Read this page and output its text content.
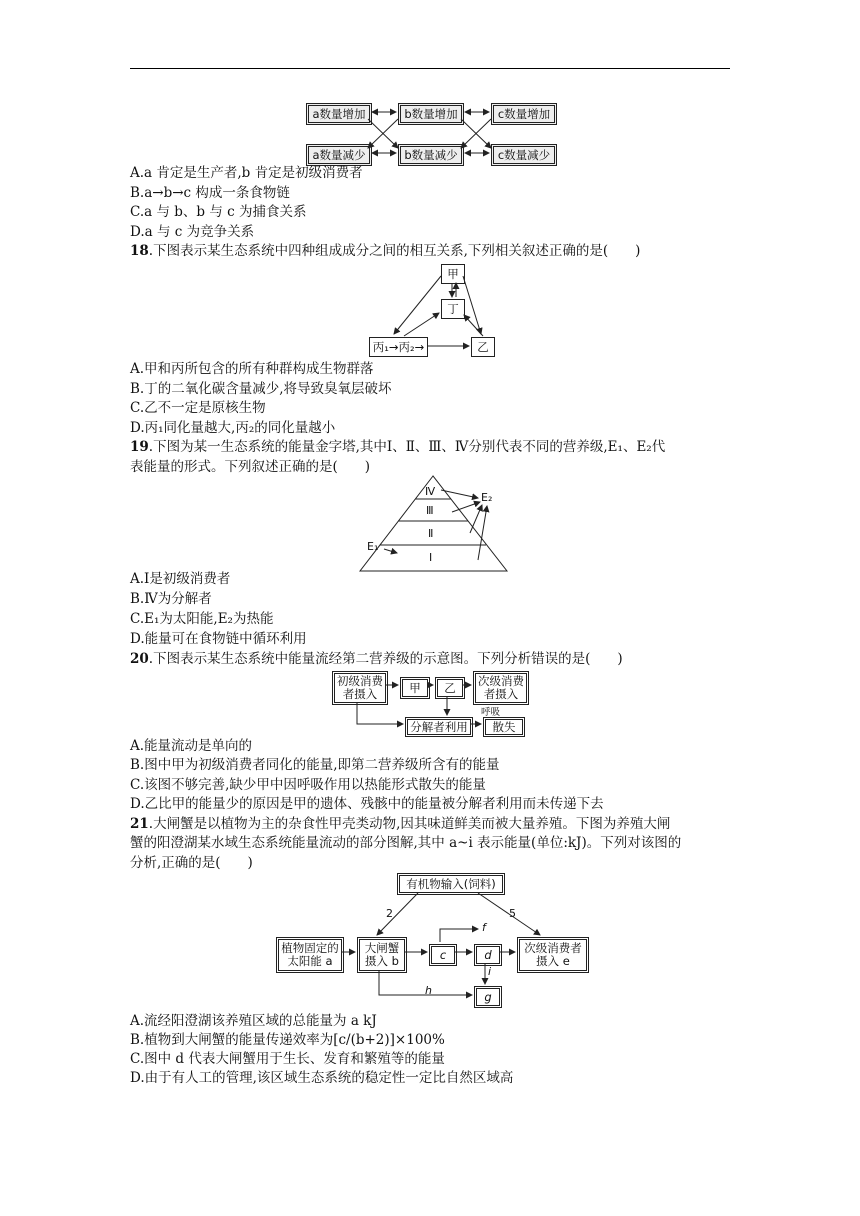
a数量增加	b数量增加	c数量增加
a数量减少	b数量减少	c数量减少
A.a 肯定是生产者,b 肯定是初级消费者
B.a→b→c 构成一条食物链
C.a 与 b、b 与 c 为捕食关系
D.a 与 c 为竞争关系
18.下图表示某生态系统中四种组成成分之间的相互关系,下列相关叙述正确的是(　　)
甲
丁
丙₁→丙₂→	乙
A.甲和丙所包含的所有种群构成生物群落
B.丁的二氧化碳含量减少,将导致臭氧层破坏
C.乙不一定是原核生物
D.丙₁同化量越大,丙₂的同化量越小
19.下图为某一生态系统的能量金字塔,其中Ⅰ、Ⅱ、Ⅲ、Ⅳ分别代表不同的营养级,E₁、E₂代
表能量的形式。下列叙述正确的是(　　)
Ⅳ
Ⅲ
Ⅱ
Ⅰ
E₁
E₂
A.Ⅰ是初级消费者
B.Ⅳ为分解者
C.E₁为太阳能,E₂为热能
D.能量可在食物链中循环利用
20.下图表示某生态系统中能量流经第二营养级的示意图。下列分析错误的是(　　)
初级消费者摄入	甲	乙	次级消费者摄入
分解者利用	散失
呼吸
A.能量流动是单向的
B.图中甲为初级消费者同化的能量,即第二营养级所含有的能量
C.该图不够完善,缺少甲中因呼吸作用以热能形式散失的能量
D.乙比甲的能量少的原因是甲的遗体、残骸中的能量被分解者利用而未传递下去
21.大闸蟹是以植物为主的杂食性甲壳类动物,因其味道鲜美而被大量养殖。下图为养殖大闸
蟹的阳澄湖某水域生态系统能量流动的部分图解,其中 a~i 表示能量(单位:kJ)。下列对该图的
分析,正确的是(　　)
有机物输入(饲料)
植物固定的太阳能 a
大闸蟹摄入 b	c	d
g
次级消费者摄入 e
2	5
f
h
i
A.流经阳澄湖该养殖区域的总能量为 a kJ
B.植物到大闸蟹的能量传递效率为[c/(b+2)]×100%
C.图中 d 代表大闸蟹用于生长、发育和繁殖等的能量
D.由于有人工的管理,该区域生态系统的稳定性一定比自然区域高
